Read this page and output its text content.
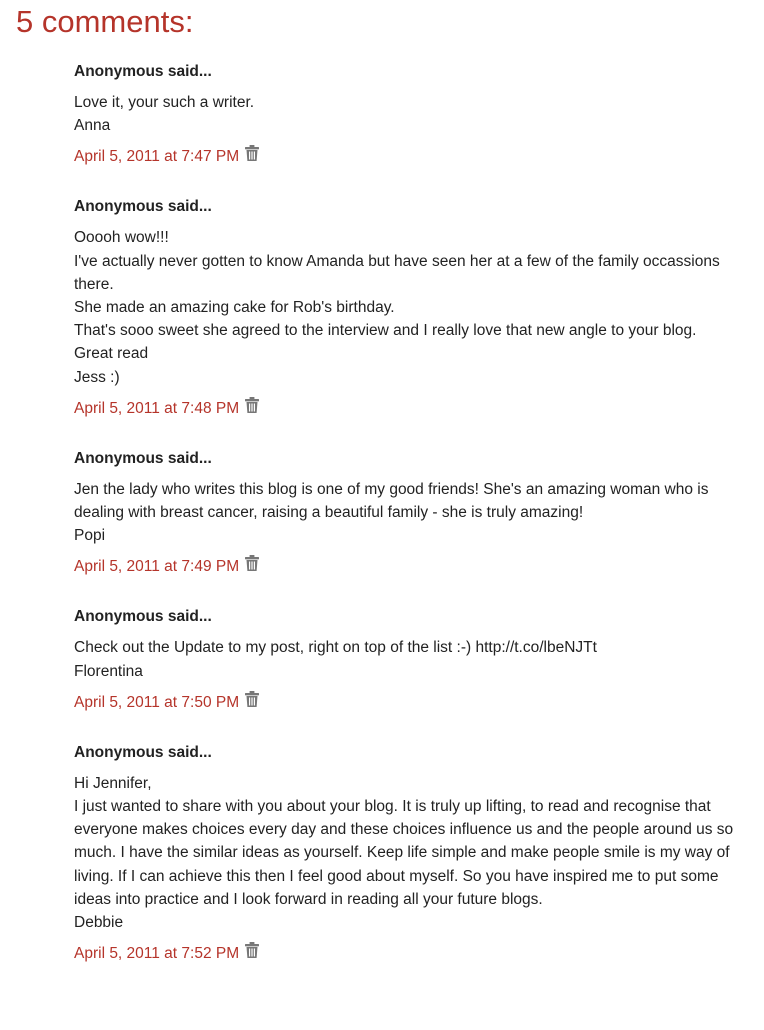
5 comments:
Anonymous said...
Love it, your such a writer.
Anna
April 5, 2011 at 7:47 PM
Anonymous said...
Ooooh wow!!!
I've actually never gotten to know Amanda but have seen her at a few of the family occassions there.
She made an amazing cake for Rob's birthday.
That's sooo sweet she agreed to the interview and I really love that new angle to your blog.
Great read
Jess :)
April 5, 2011 at 7:48 PM
Anonymous said...
Jen the lady who writes this blog is one of my good friends! She's an amazing woman who is dealing with breast cancer, raising a beautiful family - she is truly amazing!
Popi
April 5, 2011 at 7:49 PM
Anonymous said...
Check out the Update to my post, right on top of the list :-) http://t.co/lbeNJTt
Florentina
April 5, 2011 at 7:50 PM
Anonymous said...
Hi Jennifer,
I just wanted to share with you about your blog. It is truly up lifting, to read and recognise that everyone makes choices every day and these choices influence us and the people around us so much. I have the similar ideas as yourself. Keep life simple and make people smile is my way of living. If I can achieve this then I feel good about myself. So you have inspired me to put some ideas into practice and I look forward in reading all your future blogs.
Debbie
April 5, 2011 at 7:52 PM
